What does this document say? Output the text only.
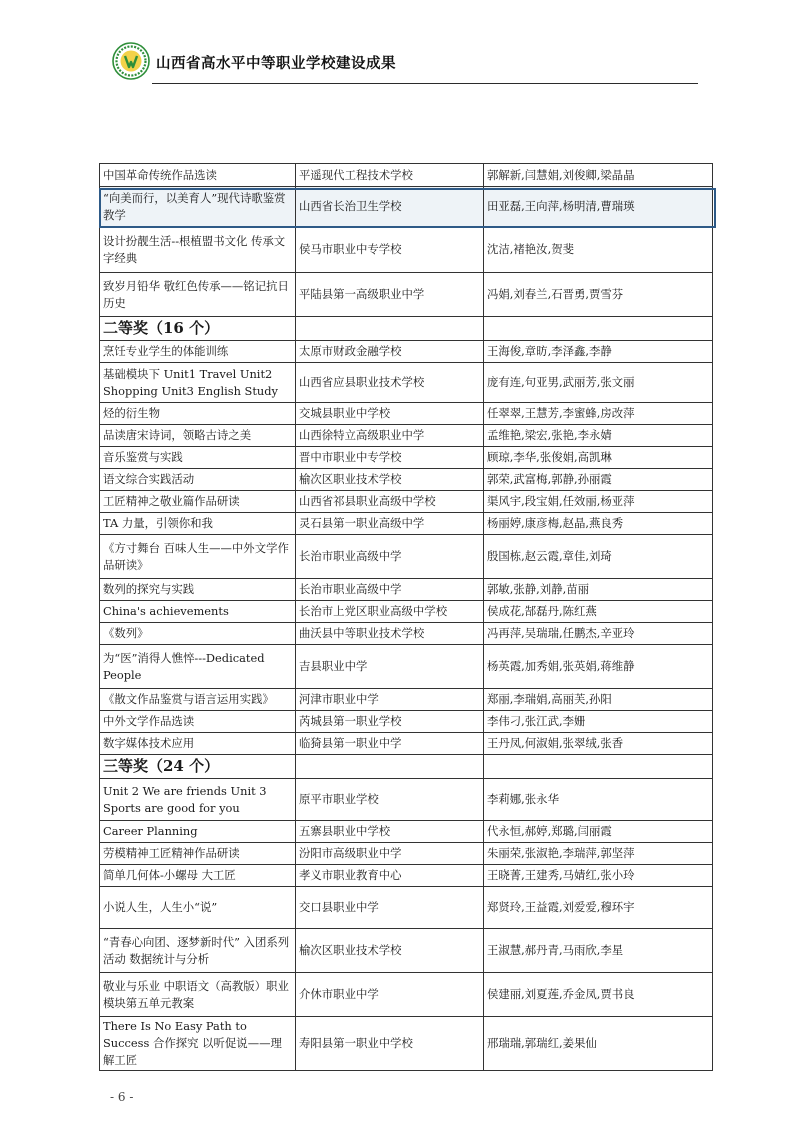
山西省高水平中等职业学校建设成果
中国革命传统作品选读	平遥现代工程技术学校	郭解新,闫慧娟,刘俊卿,梁晶晶
“向美而行，以美育人”现代诗歌鉴赏教学	山西省长治卫生学校	田亚磊,王向萍,杨明清,曹瑞瑛
设计扮靓生活--根植盟书文化 传承文字经典	侯马市职业中专学校	沈洁,褚艳汝,贺斐
致岁月铅华 敬红色传承——铭记抗日历史	平陆县第一高级职业中学	冯娟,刘春兰,石晋勇,贾雪芬
二等奖（16 个）		
烹饪专业学生的体能训练	太原市财政金融学校	王海俊,章昉,李泽鑫,李静
基础模块下 Unit1 Travel Unit2 Shopping Unit3 English Study	山西省应县职业技术学校	庞有连,句亚男,武丽芳,张文丽
烃的衍生物	交城县职业中学校	任翠翠,王慧芳,李蜜蜂,房改萍
品读唐宋诗词，领略古诗之美	山西徐特立高级职业中学	孟维艳,梁宏,张艳,李永婧
音乐鉴赏与实践	晋中市职业中专学校	顾琼,李华,张俊娟,高凯琳
语文综合实践活动	榆次区职业技术学校	郭荣,武富梅,郭静,孙丽霞
工匠精神之敬业篇作品研读	山西省祁县职业高级中学校	渠风宇,段宝娟,任效丽,杨亚萍
TA 力量，引领你和我	灵石县第一职业高级中学	杨丽婷,康彦梅,赵晶,燕良秀
《方寸舞台 百味人生——中外文学作品研读》	长治市职业高级中学	殷国栋,赵云霞,章佳,刘琦
数列的探究与实践	长治市职业高级中学	郭敏,张静,刘静,苗丽
China's achievements	长治市上党区职业高级中学校	侯成花,郜磊丹,陈红燕
《数列》	曲沃县中等职业技术学校	冯再萍,吴瑞瑞,任鹏杰,辛亚玲
为“医”消得人憔悴---Dedicated People	吉县职业中学	杨英霞,加秀娟,张英娟,蒋维静
《散文作品鉴赏与语言运用实践》	河津市职业中学	郑丽,李瑞娟,高丽芙,孙阳
中外文学作品选读	芮城县第一职业学校	李伟刁,张江武,李姗
数字媒体技术应用	临猗县第一职业中学	王丹凤,何淑娟,张翠绒,张香
三等奖（24 个）		
Unit 2 We are friends Unit 3 Sports are good for you	原平市职业学校	李莉娜,张永华
Career Planning	五寨县职业中学校	代永恒,郝婷,郑璐,闫丽霞
劳模精神工匠精神作品研读	汾阳市高级职业中学	朱丽荣,张淑艳,李瑞萍,郭坚萍
简单几何体-小螺母 大工匠	孝义市职业教育中心	王晓菁,王建秀,马婧红,张小玲
小说人生，人生小“说”	交口县职业中学	郑贤玲,王益霞,刘爱爱,穆环宇
“青春心向团、逐梦新时代” 入团系列活动 数据统计与分析	榆次区职业技术学校	王淑慧,郝丹青,马雨欣,李星
敬业与乐业 中职语文（高教版）职业模块第五单元教案	介休市职业中学	侯建丽,刘夏莲,乔金凤,贾书良
There Is No Easy Path to Success 合作探究 以听促说——理解工匠	寿阳县第一职业中学校	邢瑞瑞,郭瑞红,姜果仙
- 6 -
